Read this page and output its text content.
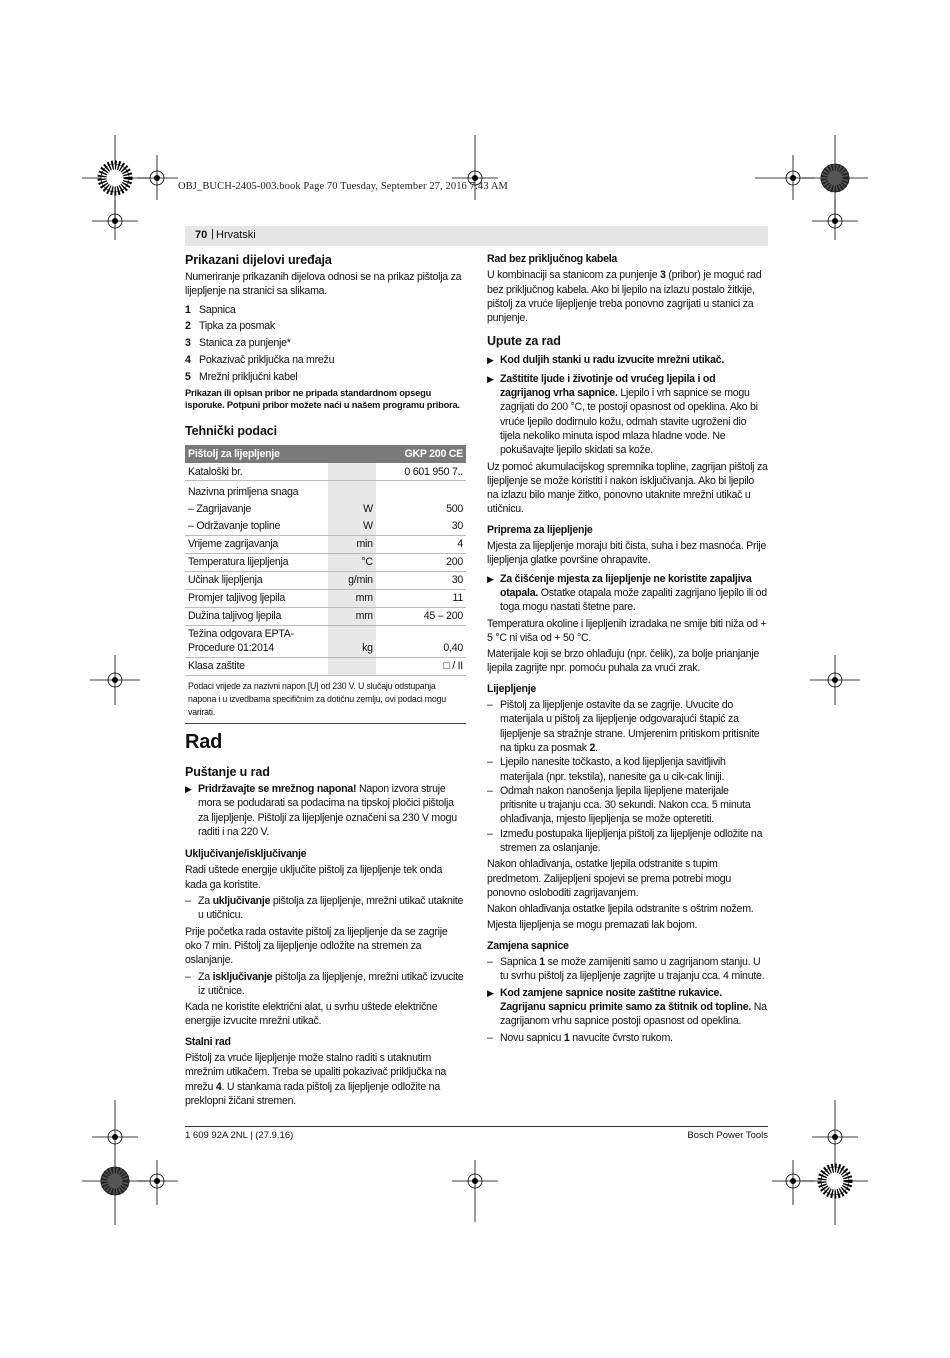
OBJ_BUCH-2405-003.book Page 70 Tuesday, September 27, 2016 7:43 AM
70 | Hrvatski
Prikazani dijelovi uređaja

Numeriranje prikazanih dijelova odnosi se na prikaz pištolja za lijepljenje na stranici sa slikama.

1 Sapnica
2 Tipka za posmak
3 Stanica za punjenje*
4 Pokazivač priključka na mrežu
5 Mrežni priključni kabel

Prikazan ili opisan pribor ne pripada standardnom opsegu isporuke. Potpuni pribor možete naći u našem programu pribora.

Tehnički podaci
Pištolj za lijepljenje		GKP 200 CE
Kataloški br.		0 601 950 7..
Nazivna primljena snaga		
– Zagrijavanje	W	500
– Održavanje topline	W	30
Vrijeme zagrijavanja	min	4
Temperatura lijepljenja	°C	200
Učinak lijepljenja	g/min	30
Promjer taljivog ljepila	mm	11
Dužina taljivog ljepila	mm	45 – 200
Težina odgovara EPTA-Procedure 01:2014	kg	0,40
Klasa zaštite		□ / II
Podaci vrijede za nazivni napon [U] od 230 V. U slučaju odstupanja napona i u izvedbama specifičnim za dotičnu zemlju, ovi podaci mogu varirati.
Rad
Puštanje u rad

▶ Pridržavajte se mrežnog napona! Napon izvora struje mora se podudarati sa podacima na tipskoj pločici pištolja za lijepljenje. Pištolji za lijepljenje označeni sa 230 V mogu raditi i na 220 V.

Uključivanje/isključivanje

Radi uštede energije uključite pištolj za lijepljenje tek onda kada ga koristite.

– Za uključivanje pištolja za lijepljenje, mrežni utikač utaknite u utičnicu.

Prije početka rada ostavite pištolj za lijepljenje da se zagrije oko 7 min. Pištolj za lijepljenje odložite na stremen za oslanjanje.

– Za isključivanje pištolja za lijepljenje, mrežni utikač izvucite iz utičnice.

Kada ne koristite električni alat, u svrhu uštede električne energije izvucite mrežni utikač.

Stalni rad

Pištolj za vruće lijepljenje može stalno raditi s utaknutim mrežnim utikačem. Treba se upaliti pokazivač priključka na mrežu 4. U stankama rada pištolj za lijepljenje odložite na preklopni žičani stremen.

Rad bez priključnog kabela

U kombinaciji sa stanicom za punjenje 3 (pribor) je moguć rad bez priključnog kabela. Ako bi ljepilo na izlazu postalo žitkije, pištolj za vruće lijepljenje treba ponovno zagrijati u stanici za punjenje.

Upute za rad

▶ Kod duljih stanki u radu izvucite mrežni utikač.

▶ Zaštitite ljude i životinje od vrućeg ljepila i od zagrijanog vrha sapnice. Ljepilo i vrh sapnice se mogu zagrijati do 200 °C, te postoji opasnost od opeklina. Ako bi vruće ljepilo dodirnulo kožu, odmah stavite ugroženi dio tijela nekoliko minuta ispod mlaza hladne vode. Ne pokušavajte ljepilo skidati sa kože.

Uz pomoć akumulacijskog spremnika topline, zagrijan pištolj za lijepljenje se može koristiti i nakon isključivanja. Ako bi ljepilo na izlazu bilo manje žitko, ponovno utaknite mrežni utikač u utičnicu.

Priprema za lijepljenje

Mjesta za lijepljenje moraju biti čista, suha i bez masnoća. Prije lijepljenja glatke površine ohrapavite.

▶ Za čišćenje mjesta za lijepljenje ne koristite zapaljiva otapala. Ostatke otapala može zapaliti zagrijano ljepilo ili od toga mogu nastati štetne pare.

Temperatura okoline i lijepljenih izradaka ne smije biti niža od + 5 °C ni viša od + 50 °C.

Materijale koji se brzo ohlađuju (npr. čelik), za bolje prianjanje ljepila zagrijte npr. pomoću puhala za vrući zrak.

Lijepljenje

– Pištolj za lijepljenje ostavite da se zagrije. Uvucite do materijala u pištolj za lijepljenje odgovarajući štapić za lijepljenje sa stražnje strane. Umjerenim pritiskom pritisnite na tipku za posmak 2.

– Ljepilo nanesite točkasto, a kod lijepljenja savitljivih materijala (npr. tekstila), nanesite ga u cik-cak liniji.

– Odmah nakon nanošenja ljepila lijepljene materijale pritisnite u trajanju cca. 30 sekundi. Nakon cca. 5 minuta ohlađivanja, mjesto lijepljenja se može opteretiti.

– Između postupaka lijepljenja pištolj za lijepljenje odložite na stremen za oslanjanje.

Nakon ohlađivanja, ostatke ljepila odstranite s tupim predmetom. Zalijepljeni spojevi se prema potrebi mogu ponovno osloboditi zagrijavanjem.

Nakon ohlađivanja ostatke ljepila odstranite s oštrim nožem.

Mjesta lijepljenja se mogu premazati lak bojom.

Zamjena sapnice

– Sapnica 1 se može zamijeniti samo u zagrijanom stanju. U tu svrhu pištolj za lijepljenje zagrijte u trajanju cca. 4 minute.

▶ Kod zamjene sapnice nosite zaštitne rukavice. Zagrijanu sapnicu primite samo za štitnik od topline. Na zagrijanom vrhu sapnice postoji opasnost od opeklina.

– Novu sapnicu 1 navucite čvrsto rukom.

1 609 92A 2NL | (27.9.16)	Bosch Power Tools
